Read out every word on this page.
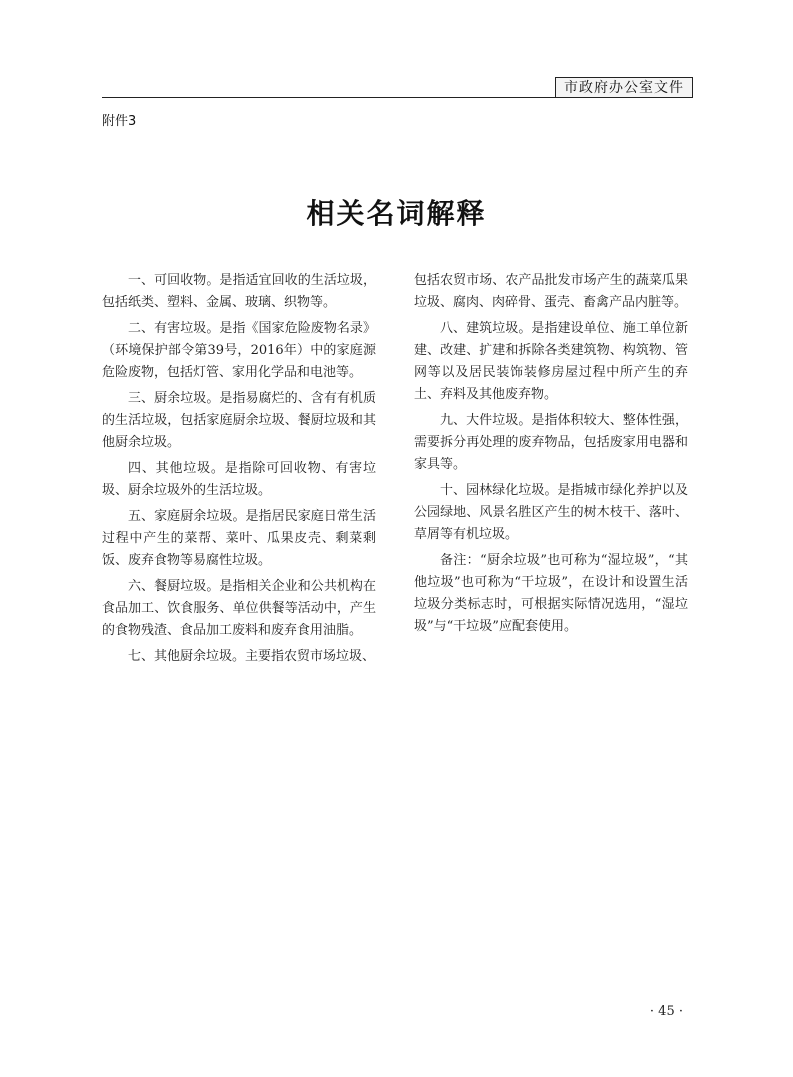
市政府办公室文件
附件3
相关名词解释

一、可回收物。是指适宜回收的生活垃圾，包括纸类、塑料、金属、玻璃、织物等。

二、有害垃圾。是指《国家危险废物名录》（环境保护部令第39号，2016年）中的家庭源危险废物，包括灯管、家用化学品和电池等。

三、厨余垃圾。是指易腐烂的、含有有机质的生活垃圾，包括家庭厨余垃圾、餐厨垃圾和其他厨余垃圾。

四、其他垃圾。是指除可回收物、有害垃圾、厨余垃圾外的生活垃圾。

五、家庭厨余垃圾。是指居民家庭日常生活过程中产生的菜帮、菜叶、瓜果皮壳、剩菜剩饭、废弃食物等易腐性垃圾。

六、餐厨垃圾。是指相关企业和公共机构在食品加工、饮食服务、单位供餐等活动中，产生的食物残渣、食品加工废料和废弃食用油脂。

七、其他厨余垃圾。主要指农贸市场垃圾、

包括农贸市场、农产品批发市场产生的蔬菜瓜果垃圾、腐肉、肉碎骨、蛋壳、畜禽产品内脏等。

八、建筑垃圾。是指建设单位、施工单位新建、改建、扩建和拆除各类建筑物、构筑物、管网等以及居民装饰装修房屋过程中所产生的弃土、弃料及其他废弃物。

九、大件垃圾。是指体积较大、整体性强，需要拆分再处理的废弃物品，包括废家用电器和家具等。

十、园林绿化垃圾。是指城市绿化养护以及公园绿地、风景名胜区产生的树木枝干、落叶、草屑等有机垃圾。

备注：“厨余垃圾”也可称为“湿垃圾”，“其他垃圾”也可称为“干垃圾”，在设计和设置生活垃圾分类标志时，可根据实际情况选用，“湿垃圾”与“干垃圾”应配套使用。

· 45 ·
